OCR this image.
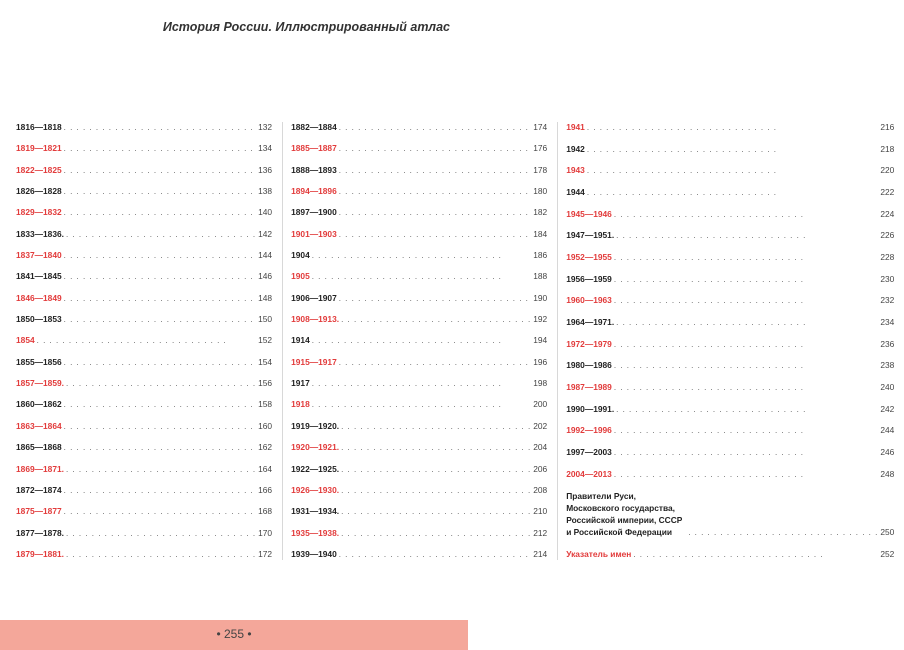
История России. Иллюстрированный атлас
1816—1818 . . . . . . . . . . . . . . . . . . . . . . . . . . . . . . 132
1819—1821 . . . . . . . . . . . . . . . . . . . . . . . . . . . . . . 134
1822—1825 . . . . . . . . . . . . . . . . . . . . . . . . . . . . . . 136
1826—1828 . . . . . . . . . . . . . . . . . . . . . . . . . . . . . . 138
1829—1832 . . . . . . . . . . . . . . . . . . . . . . . . . . . . . . 140
1833—1836. . . . . . . . . . . . . . . . . . . . . . . . . . . . . . . 142
1837—1840 . . . . . . . . . . . . . . . . . . . . . . . . . . . . . . 144
1841—1845 . . . . . . . . . . . . . . . . . . . . . . . . . . . . . . 146
1846—1849 . . . . . . . . . . . . . . . . . . . . . . . . . . . . . . 148
1850—1853 . . . . . . . . . . . . . . . . . . . . . . . . . . . . . . 150
1854 . . . . . . . . . . . . . . . . . . . . . . . . . . . . . .	152
1855—1856 . . . . . . . . . . . . . . . . . . . . . . . . . . . . . . 154
1857—1859. . . . . . . . . . . . . . . . . . . . . . . . . . . . . . . 156
1860—1862 . . . . . . . . . . . . . . . . . . . . . . . . . . . . . . 158
1863—1864 . . . . . . . . . . . . . . . . . . . . . . . . . . . . . . 160
1865—1868 . . . . . . . . . . . . . . . . . . . . . . . . . . . . . . 162
1869—1871. . . . . . . . . . . . . . . . . . . . . . . . . . . . . . . 164
1872—1874 . . . . . . . . . . . . . . . . . . . . . . . . . . . . . . 166
1875—1877 . . . . . . . . . . . . . . . . . . . . . . . . . . . . . . 168
1877—1878. . . . . . . . . . . . . . . . . . . . . . . . . . . . . . . 170
1879—1881. . . . . . . . . . . . . . . . . . . . . . . . . . . . . . . 172
1882—1884 . . . . . . . . . . . . . . . . . . . . . . . . . . . . . . 174
1885—1887 . . . . . . . . . . . . . . . . . . . . . . . . . . . . . . 176
1888—1893 . . . . . . . . . . . . . . . . . . . . . . . . . . . . . . 178
1894—1896 . . . . . . . . . . . . . . . . . . . . . . . . . . . . . . 180
1897—1900 . . . . . . . . . . . . . . . . . . . . . . . . . . . . . . 182
1901—1903 . . . . . . . . . . . . . . . . . . . . . . . . . . . . . . 184
1904 . . . . . . . . . . . . . . . . . . . . . . . . . . . . . .	186
1905 . . . . . . . . . . . . . . . . . . . . . . . . . . . . . .	188
1906—1907 . . . . . . . . . . . . . . . . . . . . . . . . . . . . . . 190
1908—1913. . . . . . . . . . . . . . . . . . . . . . . . . . . . . . . 192
1914 . . . . . . . . . . . . . . . . . . . . . . . . . . . . . .	194
1915—1917 . . . . . . . . . . . . . . . . . . . . . . . . . . . . . . 196
1917 . . . . . . . . . . . . . . . . . . . . . . . . . . . . . .	198
1918 . . . . . . . . . . . . . . . . . . . . . . . . . . . . . .	200
1919—1920. . . . . . . . . . . . . . . . . . . . . . . . . . . . . . . 202
1920—1921. . . . . . . . . . . . . . . . . . . . . . . . . . . . . . . 204
1922—1925. . . . . . . . . . . . . . . . . . . . . . . . . . . . . . . 206
1926—1930. . . . . . . . . . . . . . . . . . . . . . . . . . . . . . . 208
1931—1934. . . . . . . . . . . . . . . . . . . . . . . . . . . . . . . 210
1935—1938. . . . . . . . . . . . . . . . . . . . . . . . . . . . . . . 212
1939—1940 . . . . . . . . . . . . . . . . . . . . . . . . . . . . . . 214
1941 . . . . . . . . . . . . . . . . . . . . . . . . . . . . . .	216
1942 . . . . . . . . . . . . . . . . . . . . . . . . . . . . . .	218
1943 . . . . . . . . . . . . . . . . . . . . . . . . . . . . . .	220
1944 . . . . . . . . . . . . . . . . . . . . . . . . . . . . . .	222
1945—1946 . . . . . . . . . . . . . . . . . . . . . . . . . . . . . .	224
1947—1951. . . . . . . . . . . . . . . . . . . . . . . . . . . . . . .	226
1952—1955 . . . . . . . . . . . . . . . . . . . . . . . . . . . . . .	228
1956—1959 . . . . . . . . . . . . . . . . . . . . . . . . . . . . . .	230
1960—1963 . . . . . . . . . . . . . . . . . . . . . . . . . . . . . .	232
1964—1971. . . . . . . . . . . . . . . . . . . . . . . . . . . . . . .	234
1972—1979 . . . . . . . . . . . . . . . . . . . . . . . . . . . . . .	236
1980—1986 . . . . . . . . . . . . . . . . . . . . . . . . . . . . . .	238
1987—1989 . . . . . . . . . . . . . . . . . . . . . . . . . . . . . .	240
1990—1991. . . . . . . . . . . . . . . . . . . . . . . . . . . . . . .	242
1992—1996 . . . . . . . . . . . . . . . . . . . . . . . . . . . . . .	244
1997—2003 . . . . . . . . . . . . . . . . . . . . . . . . . . . . . .	246
2004—2013 . . . . . . . . . . . . . . . . . . . . . . . . . . . . . .	248
Правители Руси, Московского государства, Российской империи, СССР и Российской Федерации	. . . . . . . . . . . . . . . . . . . . . . . . . . . . . . 250
Указатель имен . . . . . . . . . . . . . . . . . . . . . . . . . . . . . .	252
• 255 •
